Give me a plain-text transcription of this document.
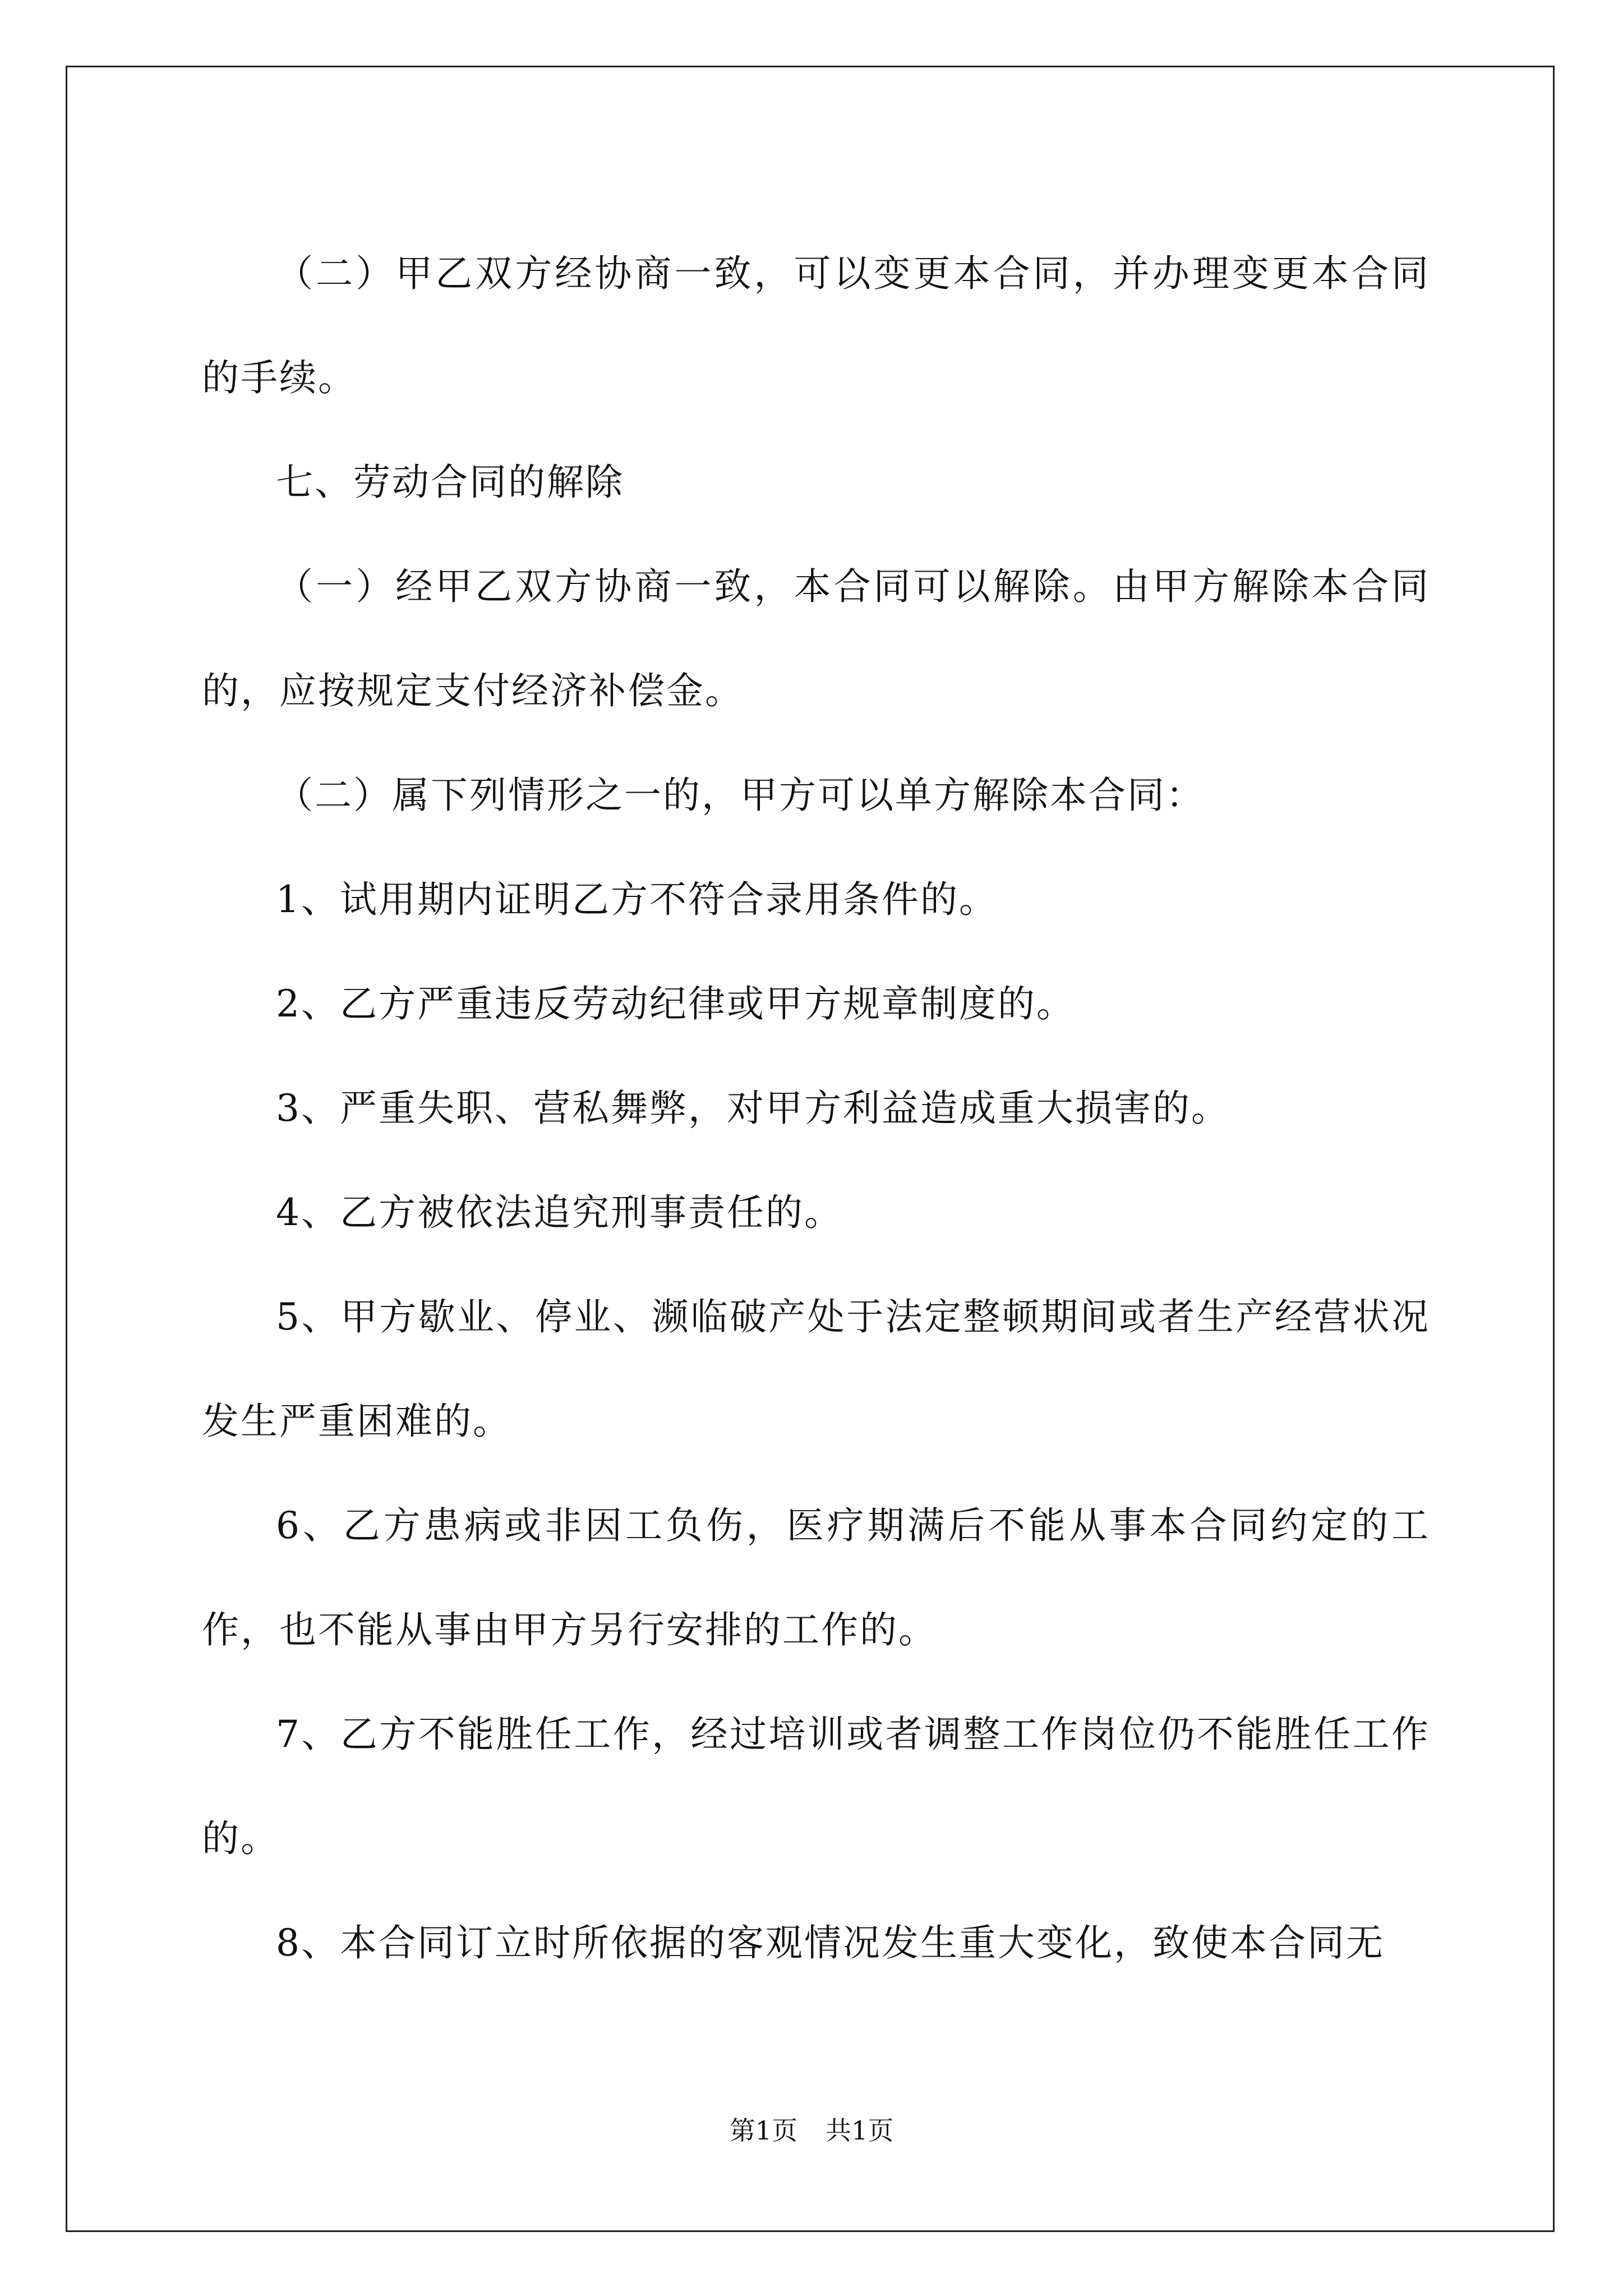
（二）甲乙双方经协商一致，可以变更本合同，并办理变更本合同的手续。

七、劳动合同的解除

（一）经甲乙双方协商一致，本合同可以解除。由甲方解除本合同的，应按规定支付经济补偿金。

（二）属下列情形之一的，甲方可以单方解除本合同：

1、试用期内证明乙方不符合录用条件的。

2、乙方严重违反劳动纪律或甲方规章制度的。

3、严重失职、营私舞弊，对甲方利益造成重大损害的。

4、乙方被依法追究刑事责任的。

5、甲方歇业、停业、濒临破产处于法定整顿期间或者生产经营状况发生严重困难的。

6、乙方患病或非因工负伤，医疗期满后不能从事本合同约定的工作，也不能从事由甲方另行安排的工作的。

7、乙方不能胜任工作，经过培训或者调整工作岗位仍不能胜任工作的。

8、本合同订立时所依据的客观情况发生重大变化，致使本合同无

第1页 共1页
